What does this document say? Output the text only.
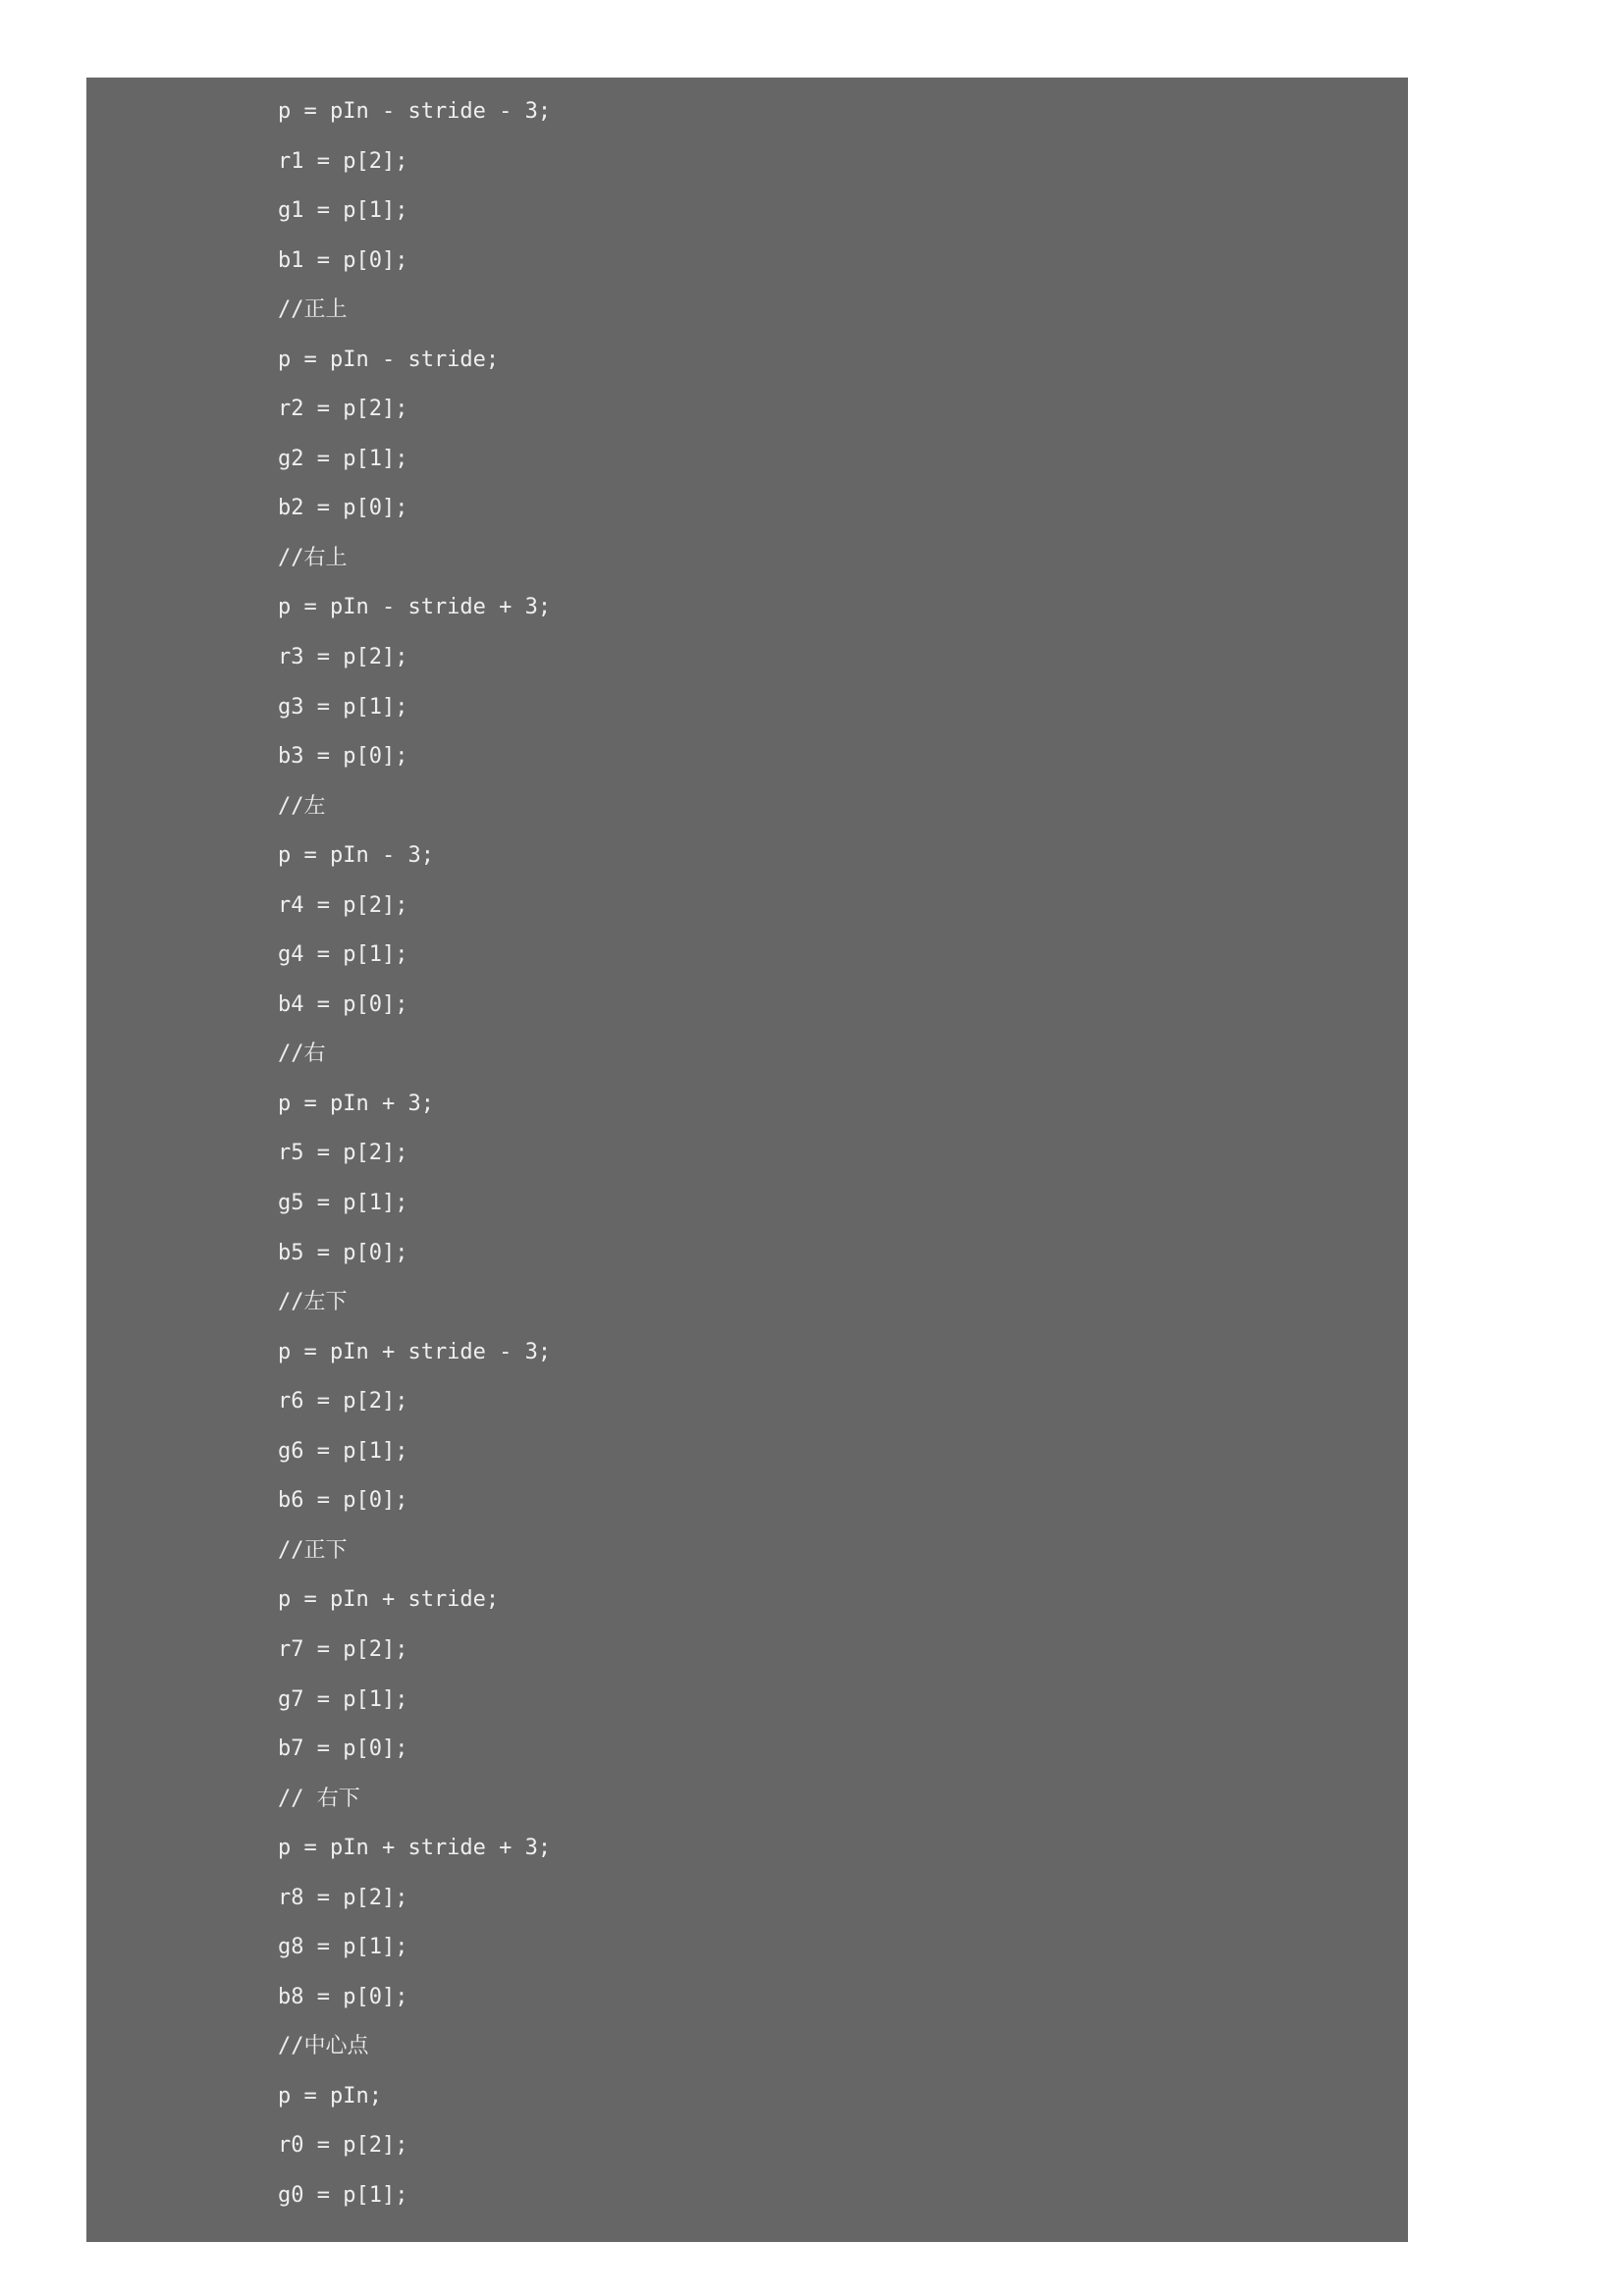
p = pIn - stride - 3;
r1 = p[2];
g1 = p[1];
b1 = p[0];
//正上
p = pIn - stride;
r2 = p[2];
g2 = p[1];
b2 = p[0];
//右上
p = pIn - stride + 3;
r3 = p[2];
g3 = p[1];
b3 = p[0];
//左
p = pIn - 3;
r4 = p[2];
g4 = p[1];
b4 = p[0];
//右
p = pIn + 3;
r5 = p[2];
g5 = p[1];
b5 = p[0];
//左下
p = pIn + stride - 3;
r6 = p[2];
g6 = p[1];
b6 = p[0];
//正下
p = pIn + stride;
r7 = p[2];
g7 = p[1];
b7 = p[0];
// 右下
p = pIn + stride + 3;
r8 = p[2];
g8 = p[1];
b8 = p[0];
//中心点
p = pIn;
r0 = p[2];
g0 = p[1];
